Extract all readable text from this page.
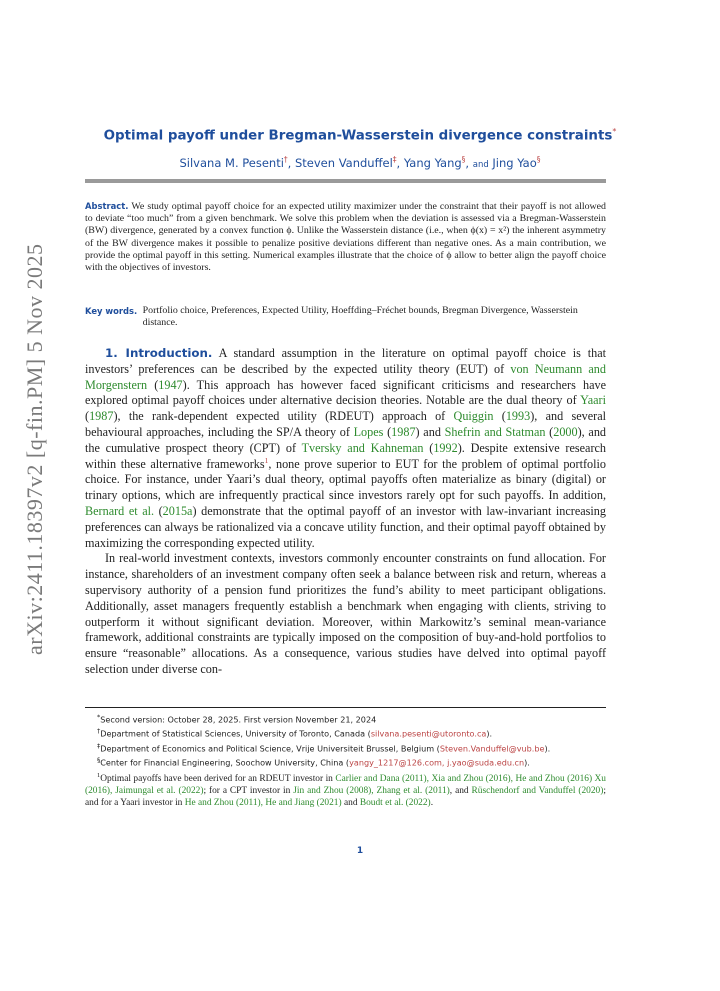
arXiv:2411.18397v2 [q-fin.PM] 5 Nov 2025
Optimal payoff under Bregman-Wasserstein divergence constraints*
Silvana M. Pesenti†, Steven Vanduffel‡, Yang Yang§, and Jing Yao§
Abstract. We study optimal payoff choice for an expected utility maximizer under the constraint that their payoff is not allowed to deviate “too much” from a given benchmark. We solve this problem when the deviation is assessed via a Bregman-Wasserstein (BW) divergence, generated by a convex function ϕ. Unlike the Wasserstein distance (i.e., when ϕ(x) = x²) the inherent asymmetry of the BW divergence makes it possible to penalize positive deviations different than negative ones. As a main contribution, we provide the optimal payoff in this setting. Numerical examples illustrate that the choice of ϕ allow to better align the payoff choice with the objectives of investors.
Key words. Portfolio choice, Preferences, Expected Utility, Hoeffding–Fréchet bounds, Bregman Divergence, Wasserstein distance.

1. Introduction. A standard assumption in the literature on optimal payoff choice is that investors’ preferences can be described by the expected utility theory (EUT) of von Neumann and Morgenstern (1947). This approach has however faced significant criticisms and researchers have explored optimal payoff choices under alternative decision theories. Notable are the dual theory of Yaari (1987), the rank-dependent expected utility (RDEUT) approach of Quiggin (1993), and several behavioural approaches, including the SP/A theory of Lopes (1987) and Shefrin and Statman (2000), and the cumulative prospect theory (CPT) of Tversky and Kahneman (1992). Despite extensive research within these alternative frameworks$^1$, none prove superior to EUT for the problem of optimal portfolio choice. For instance, under Yaari’s dual theory, optimal payoffs often materialize as binary (digital) or trinary options, which are infrequently practical since investors rarely opt for such payoffs. In addition, Bernard et al. (2015a) demonstrate that the optimal payoff of an investor with law-invariant increasing preferences can always be rationalized via a concave utility function, and their optimal payoff obtained by maximizing the corresponding expected utility.

In real-world investment contexts, investors commonly encounter constraints on fund allocation. For instance, shareholders of an investment company often seek a balance between risk and return, whereas a supervisory authority of a pension fund prioritizes the fund’s ability to meet participant obligations. Additionally, asset managers frequently establish a benchmark when engaging with clients, striving to outperform it without significant deviation. Moreover, within Markowitz’s seminal mean-variance framework, additional constraints are typically imposed on the composition of buy-and-hold portfolios to ensure “reasonable” allocations. As a consequence, various studies have delved into optimal payoff selection under diverse con-

*Second version: October 28, 2025. First version November 21, 2024

†Department of Statistical Sciences, University of Toronto, Canada (silvana.pesenti@utoronto.ca).

‡Department of Economics and Political Science, Vrije Universiteit Brussel, Belgium (Steven.Vanduffel@vub.be).

§Center for Financial Engineering, Soochow University, China (yangy_1217@126.com, j.yao@suda.edu.cn).

$^1$Optimal payoffs have been derived for an RDEUT investor in Carlier and Dana (2011), Xia and Zhou (2016), He and Zhou (2016) Xu (2016), Jaimungal et al. (2022); for a CPT investor in Jin and Zhou (2008), Zhang et al. (2011), and Rüschendorf and Vanduffel (2020); and for a Yaari investor in He and Zhou (2011), He and Jiang (2021) and Boudt et al. (2022).

1
